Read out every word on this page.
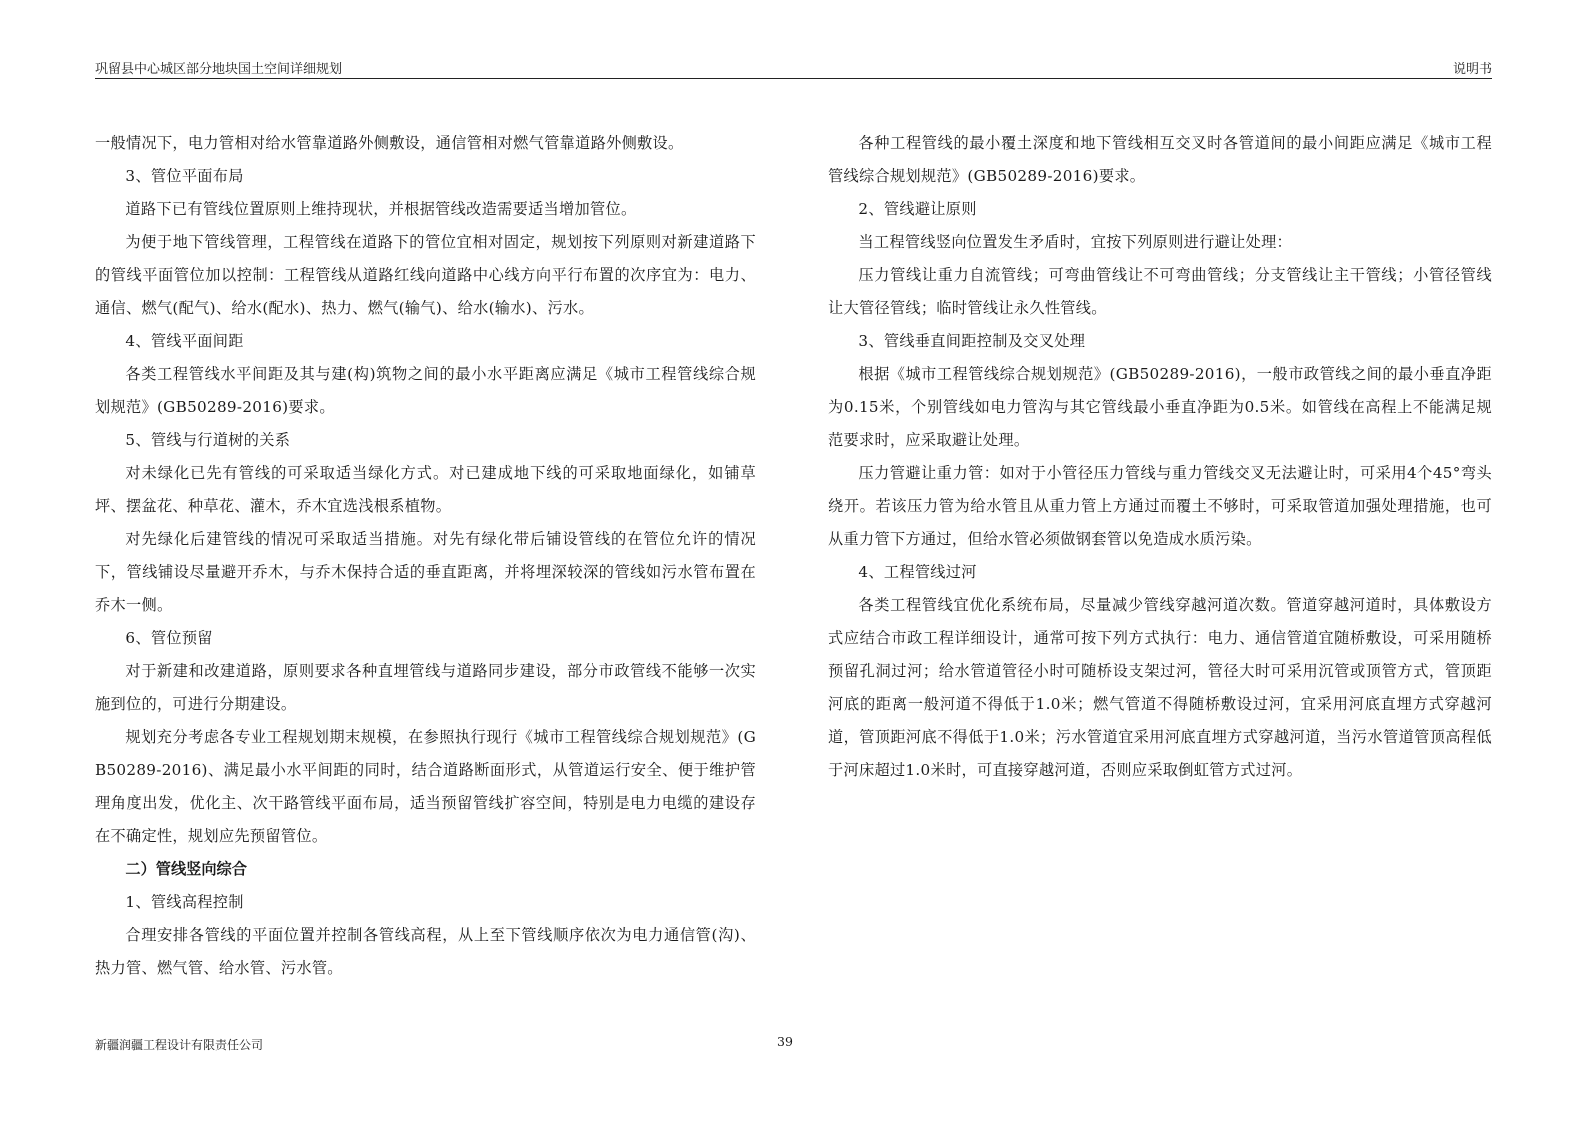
巩留县中心城区部分地块国土空间详细规划	说明书

一般情况下，电力管相对给水管靠道路外侧敷设，通信管相对燃气管靠道路外侧敷设。

3、管位平面布局

道路下已有管线位置原则上维持现状，并根据管线改造需要适当增加管位。

为便于地下管线管理，工程管线在道路下的管位宜相对固定，规划按下列原则对新建道路下的管线平面管位加以控制：工程管线从道路红线向道路中心线方向平行布置的次序宜为：电力、通信、燃气(配气)、给水(配水)、热力、燃气(输气)、给水(输水)、污水。

4、管线平面间距

各类工程管线水平间距及其与建(构)筑物之间的最小水平距离应满足《城市工程管线综合规划规范》(GB50289-2016)要求。

5、管线与行道树的关系

对未绿化已先有管线的可采取适当绿化方式。对已建成地下线的可采取地面绿化，如铺草坪、摆盆花、种草花、灌木，乔木宜选浅根系植物。

对先绿化后建管线的情况可采取适当措施。对先有绿化带后铺设管线的在管位允许的情况下，管线铺设尽量避开乔木，与乔木保持合适的垂直距离，并将埋深较深的管线如污水管布置在乔木一侧。

6、管位预留

对于新建和改建道路，原则要求各种直埋管线与道路同步建设，部分市政管线不能够一次实施到位的，可进行分期建设。

规划充分考虑各专业工程规划期末规模，在参照执行现行《城市工程管线综合规划规范》(GB50289-2016)、满足最小水平间距的同时，结合道路断面形式，从管道运行安全、便于维护管理角度出发，优化主、次干路管线平面布局，适当预留管线扩容空间，特别是电力电缆的建设存在不确定性，规划应先预留管位。

二）管线竖向综合

1、管线高程控制

合理安排各管线的平面位置并控制各管线高程，从上至下管线顺序依次为电力通信管(沟)、热力管、燃气管、给水管、污水管。

各种工程管线的最小覆土深度和地下管线相互交叉时各管道间的最小间距应满足《城市工程管线综合规划规范》(GB50289-2016)要求。

2、管线避让原则

当工程管线竖向位置发生矛盾时，宜按下列原则进行避让处理：

压力管线让重力自流管线；可弯曲管线让不可弯曲管线；分支管线让主干管线；小管径管线让大管径管线；临时管线让永久性管线。

3、管线垂直间距控制及交叉处理

根据《城市工程管线综合规划规范》(GB50289-2016)，一般市政管线之间的最小垂直净距为0.15米，个别管线如电力管沟与其它管线最小垂直净距为0.5米。如管线在高程上不能满足规范要求时，应采取避让处理。

压力管避让重力管：如对于小管径压力管线与重力管线交叉无法避让时，可采用4个45°弯头绕开。若该压力管为给水管且从重力管上方通过而覆土不够时，可采取管道加强处理措施，也可从重力管下方通过，但给水管必须做钢套管以免造成水质污染。

4、工程管线过河

各类工程管线宜优化系统布局，尽量减少管线穿越河道次数。管道穿越河道时，具体敷设方式应结合市政工程详细设计，通常可按下列方式执行：电力、通信管道宜随桥敷设，可采用随桥预留孔洞过河；给水管道管径小时可随桥设支架过河，管径大时可采用沉管或顶管方式，管顶距河底的距离一般河道不得低于1.0米；燃气管道不得随桥敷设过河，宜采用河底直埋方式穿越河道，管顶距河底不得低于1.0米；污水管道宜采用河底直埋方式穿越河道，当污水管道管顶高程低于河床超过1.0米时，可直接穿越河道，否则应采取倒虹管方式过河。

新疆润疆工程设计有限责任公司	39
